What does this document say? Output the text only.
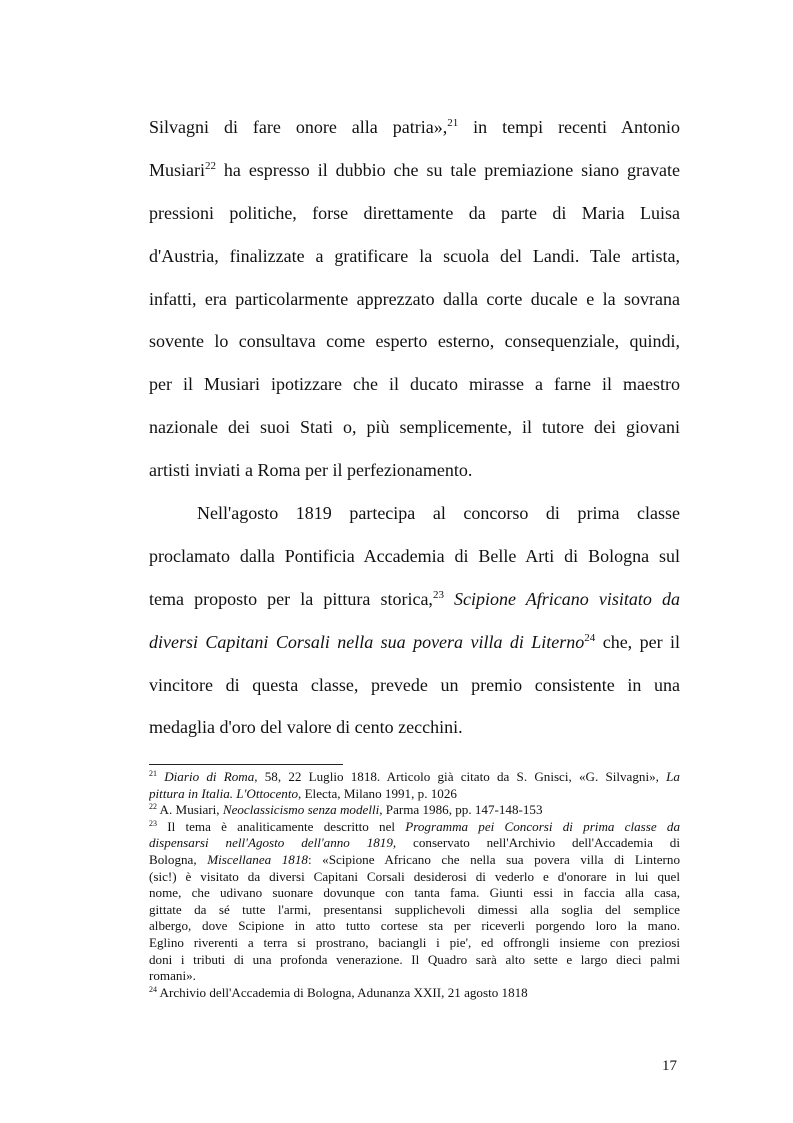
Silvagni di fare onore alla patria»,$^{21}$ in tempi recenti Antonio
Musiari$^{22}$ ha espresso il dubbio che su tale premiazione siano gravate
pressioni politiche, forse direttamente da parte di Maria Luisa
d'Austria, finalizzate a gratificare la scuola del Landi. Tale artista,
infatti, era particolarmente apprezzato dalla corte ducale e la sovrana
sovente lo consultava come esperto esterno, consequenziale, quindi,
per il Musiari ipotizzare che il ducato mirasse a farne il maestro
nazionale dei suoi Stati o, più semplicemente, il tutore dei giovani
artisti inviati a Roma per il perfezionamento.
Nell'agosto 1819 partecipa al concorso di prima classe
proclamato dalla Pontificia Accademia di Belle Arti di Bologna sul
tema proposto per la pittura storica,$^{23}$ Scipione Africano visitato da
diversi Capitani Corsali nella sua povera villa di Literno$^{24}$ che, per il
vincitore di questa classe, prevede un premio consistente in una
medaglia d'oro del valore di cento zecchini.
$^{21}$ Diario di Roma, 58, 22 Luglio 1818. Articolo già citato da S. Gnisci, «G. Silvagni», La
pittura in Italia. L'Ottocento, Electa, Milano 1991, p. 1026
$^{22}$ A. Musiari, Neoclassicismo senza modelli, Parma 1986, pp. 147-148-153
$^{23}$ Il tema è analiticamente descritto nel Programma pei Concorsi di prima classe da
dispensarsi nell'Agosto dell'anno 1819, conservato nell'Archivio dell'Accademia di
Bologna, Miscellanea 1818: «Scipione Africano che nella sua povera villa di Linterno
(sic!) è visitato da diversi Capitani Corsali desiderosi di vederlo e d'onorare in lui quel
nome, che udivano suonare dovunque con tanta fama. Giunti essi in faccia alla casa,
gittate da sé tutte l'armi, presentansi supplichevoli dimessi alla soglia del semplice
albergo, dove Scipione in atto tutto cortese sta per riceverli porgendo loro la mano.
Eglino riverenti a terra si prostrano, baciangli i pie', ed offrongli insieme con preziosi
doni i tributi di una profonda venerazione. Il Quadro sarà alto sette e largo dieci palmi
romani».
$^{24}$ Archivio dell'Accademia di Bologna, Adunanza XXII, 21 agosto 1818
17
